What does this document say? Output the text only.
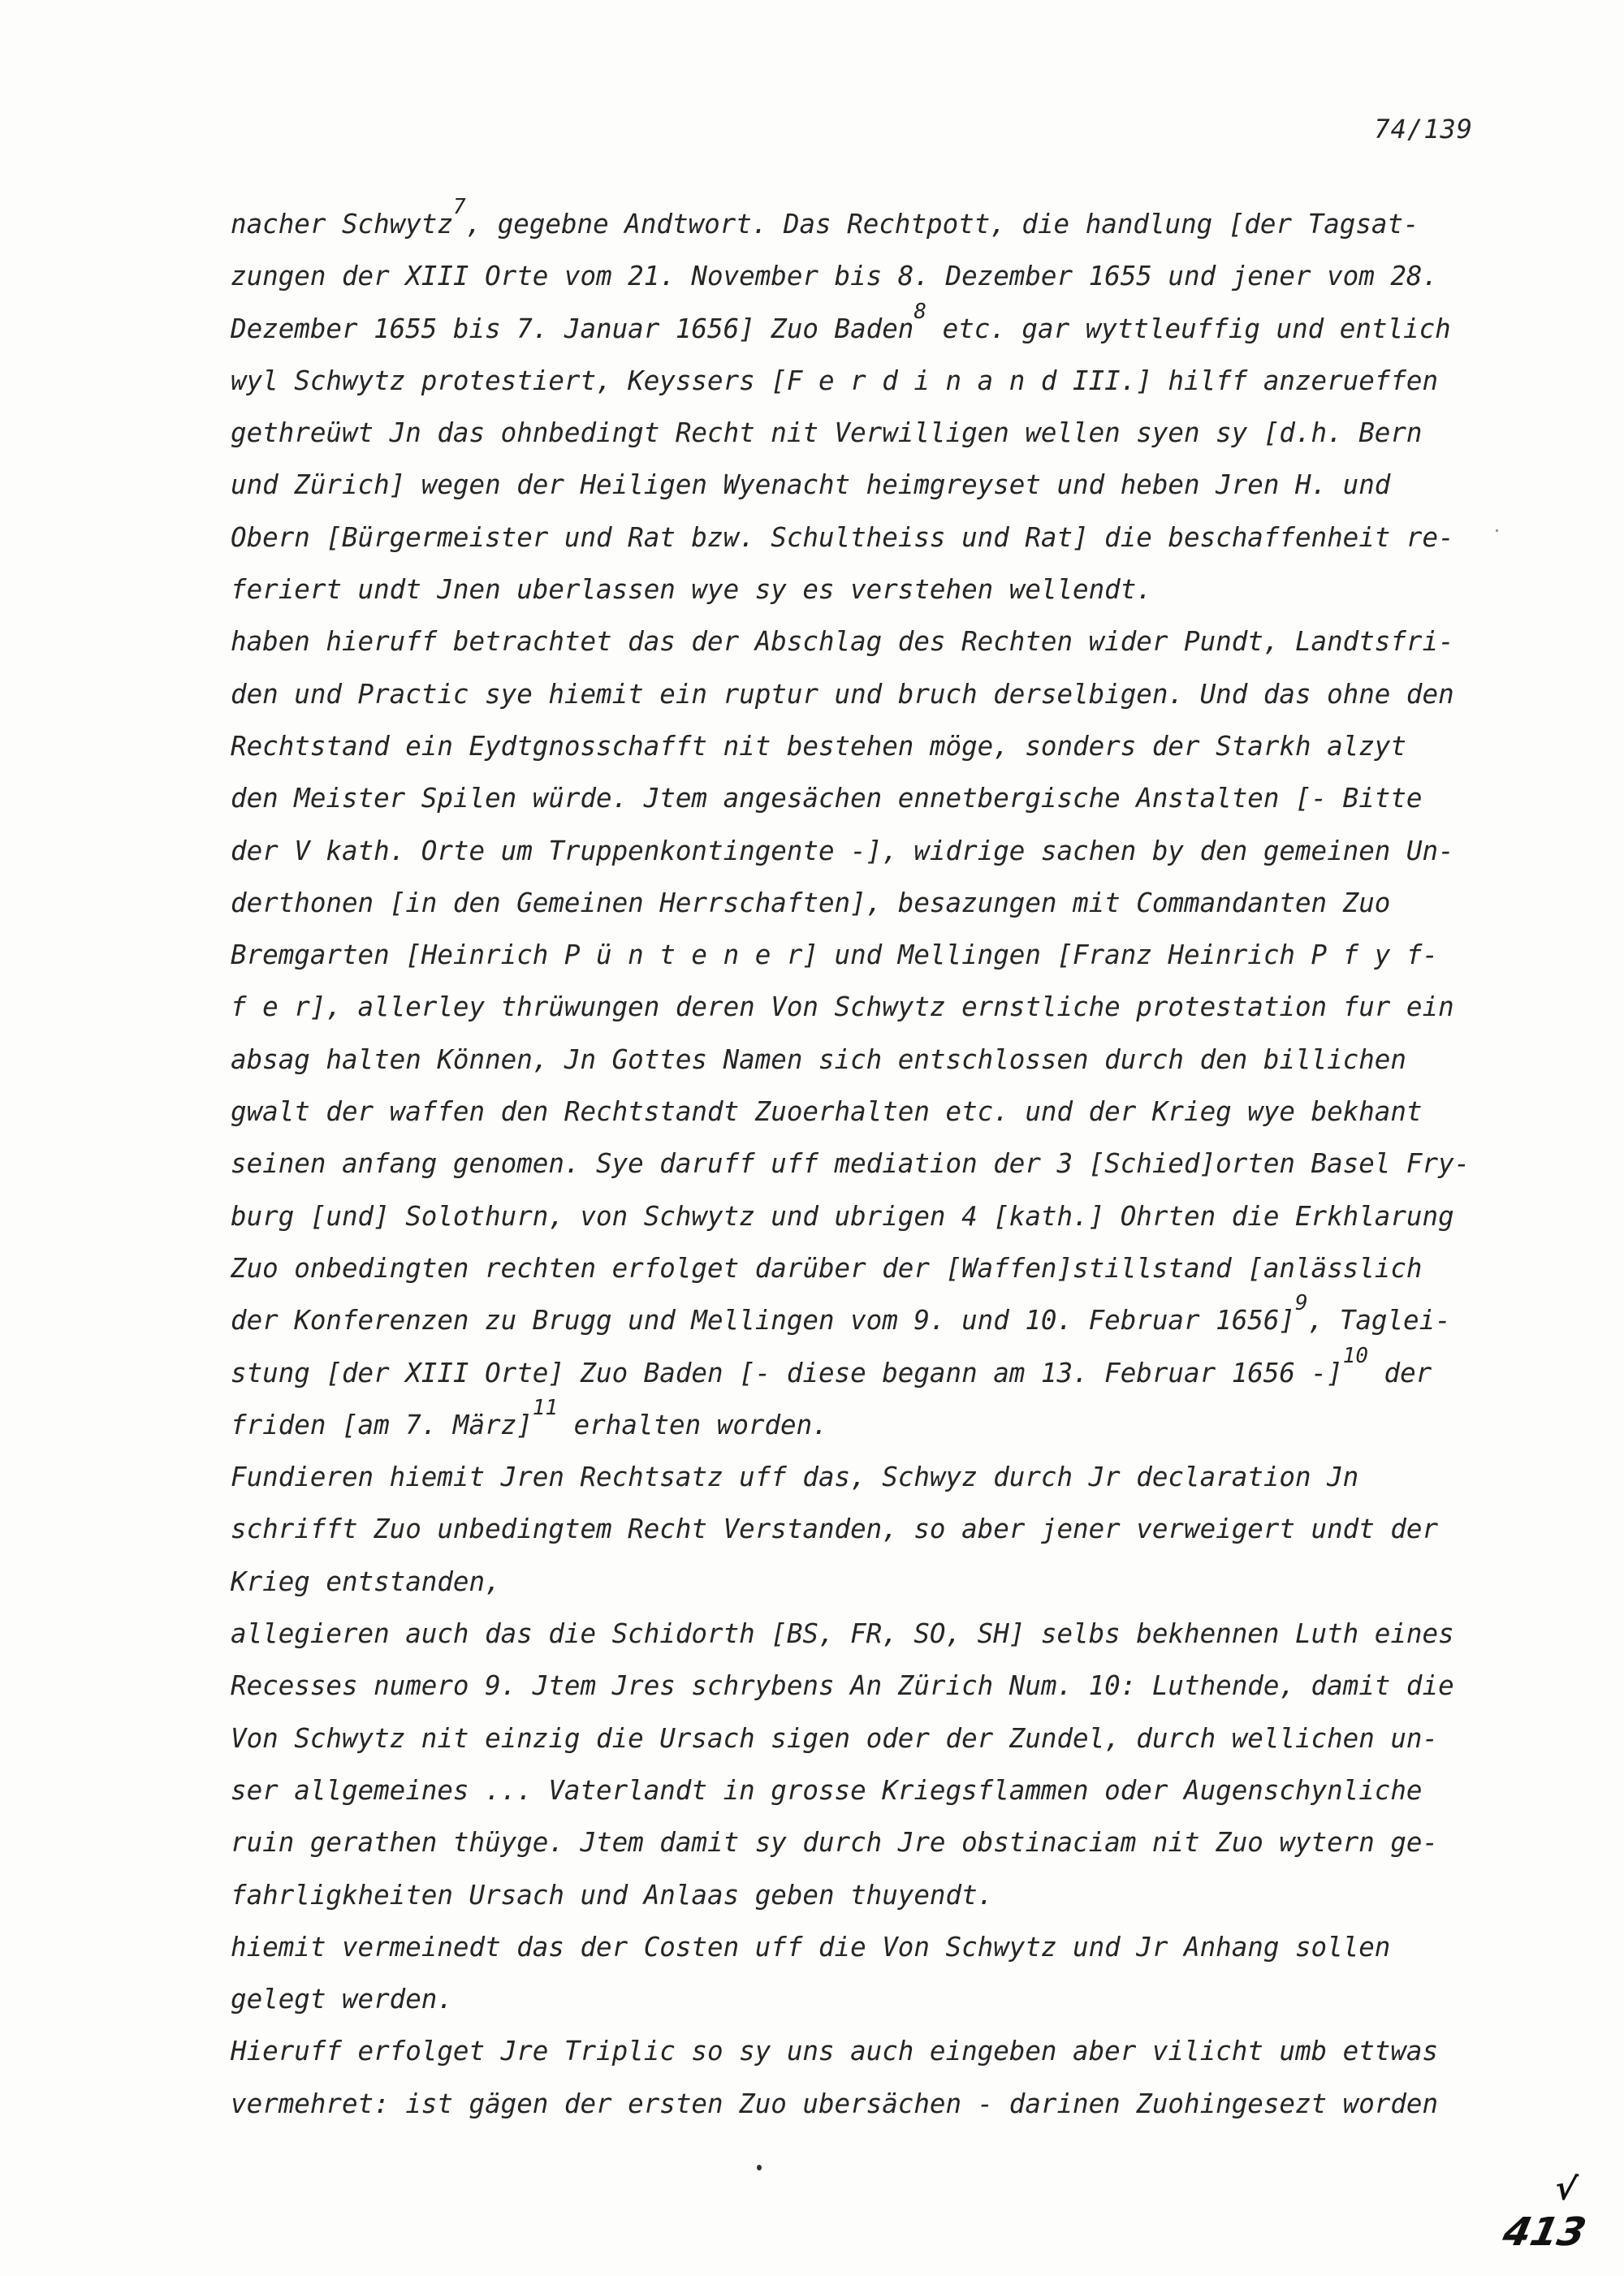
74/139
nacher Schwytz$^7$, gegebne Andtwort. Das Rechtpott, die handlung [der Tagsat-
zungen der XIII Orte vom 21. November bis 8. Dezember 1655 und jener vom 28.
Dezember 1655 bis 7. Januar 1656] Zuo Baden$^8$ etc. gar wyttleuffig und entlich
wyl Schwytz protestiert, Keyssers [F e r d i n a n d III.] hilff anzerueffen
gethreüwt Jn das ohnbedingt Recht nit Verwilligen wellen syen sy [d.h. Bern
und Zürich] wegen der Heiligen Wyenacht heimgreyset und heben Jren H. und
Obern [Bürgermeister und Rat bzw. Schultheiss und Rat] die beschaffenheit re-
feriert undt Jnen uberlassen wye sy es verstehen wellendt.
haben hieruff betrachtet das der Abschlag des Rechten wider Pundt, Landtsfri-
den und Practic sye hiemit ein ruptur und bruch derselbigen. Und das ohne den
Rechtstand ein Eydtgnosschafft nit bestehen möge, sonders der Starkh alzyt
den Meister Spilen würde. Jtem angesächen ennetbergische Anstalten [- Bitte
der V kath. Orte um Truppenkontingente -], widrige sachen by den gemeinen Un-
derthonen [in den Gemeinen Herrschaften], besazungen mit Commandanten Zuo
Bremgarten [Heinrich P ü n t e n e r] und Mellingen [Franz Heinrich P f y f-
f e r], allerley thrüwungen deren Von Schwytz ernstliche protestation fur ein
absag halten Können, Jn Gottes Namen sich entschlossen durch den billichen
gwalt der waffen den Rechtstandt Zuoerhalten etc. und der Krieg wye bekhant
seinen anfang genomen. Sye daruff uff mediation der 3 [Schied]orten Basel Fry-
burg [und] Solothurn, von Schwytz und ubrigen 4 [kath.] Ohrten die Erkhlarung
Zuo onbedingten rechten erfolget darüber der [Waffen]stillstand [anlässlich
der Konferenzen zu Brugg und Mellingen vom 9. und 10. Februar 1656]$^9$, Taglei-
stung [der XIII Orte] Zuo Baden [- diese begann am 13. Februar 1656 -]$^{10}$ der
friden [am 7. März]$^{11}$ erhalten worden.
Fundieren hiemit Jren Rechtsatz uff das, Schwyz durch Jr declaration Jn
schrifft Zuo unbedingtem Recht Verstanden, so aber jener verweigert undt der
Krieg entstanden,
allegieren auch das die Schidorth [BS, FR, SO, SH] selbs bekhennen Luth eines
Recesses numero 9. Jtem Jres schrybens An Zürich Num. 10: Luthende, damit die
Von Schwytz nit einzig die Ursach sigen oder der Zundel, durch wellichen un-
ser allgemeines ... Vaterlandt in grosse Kriegsflammen oder Augenschynliche
ruin gerathen thüyge. Jtem damit sy durch Jre obstinaciam nit Zuo wytern ge-
fahrligkheiten Ursach und Anlaas geben thuyendt.
hiemit vermeinedt das der Costen uff die Von Schwytz und Jr Anhang sollen
gelegt werden.
Hieruff erfolget Jre Triplic so sy uns auch eingeben aber vilicht umb ettwas
vermehret: ist gägen der ersten Zuo ubersächen - darinen Zuohingesezt worden
√
413
